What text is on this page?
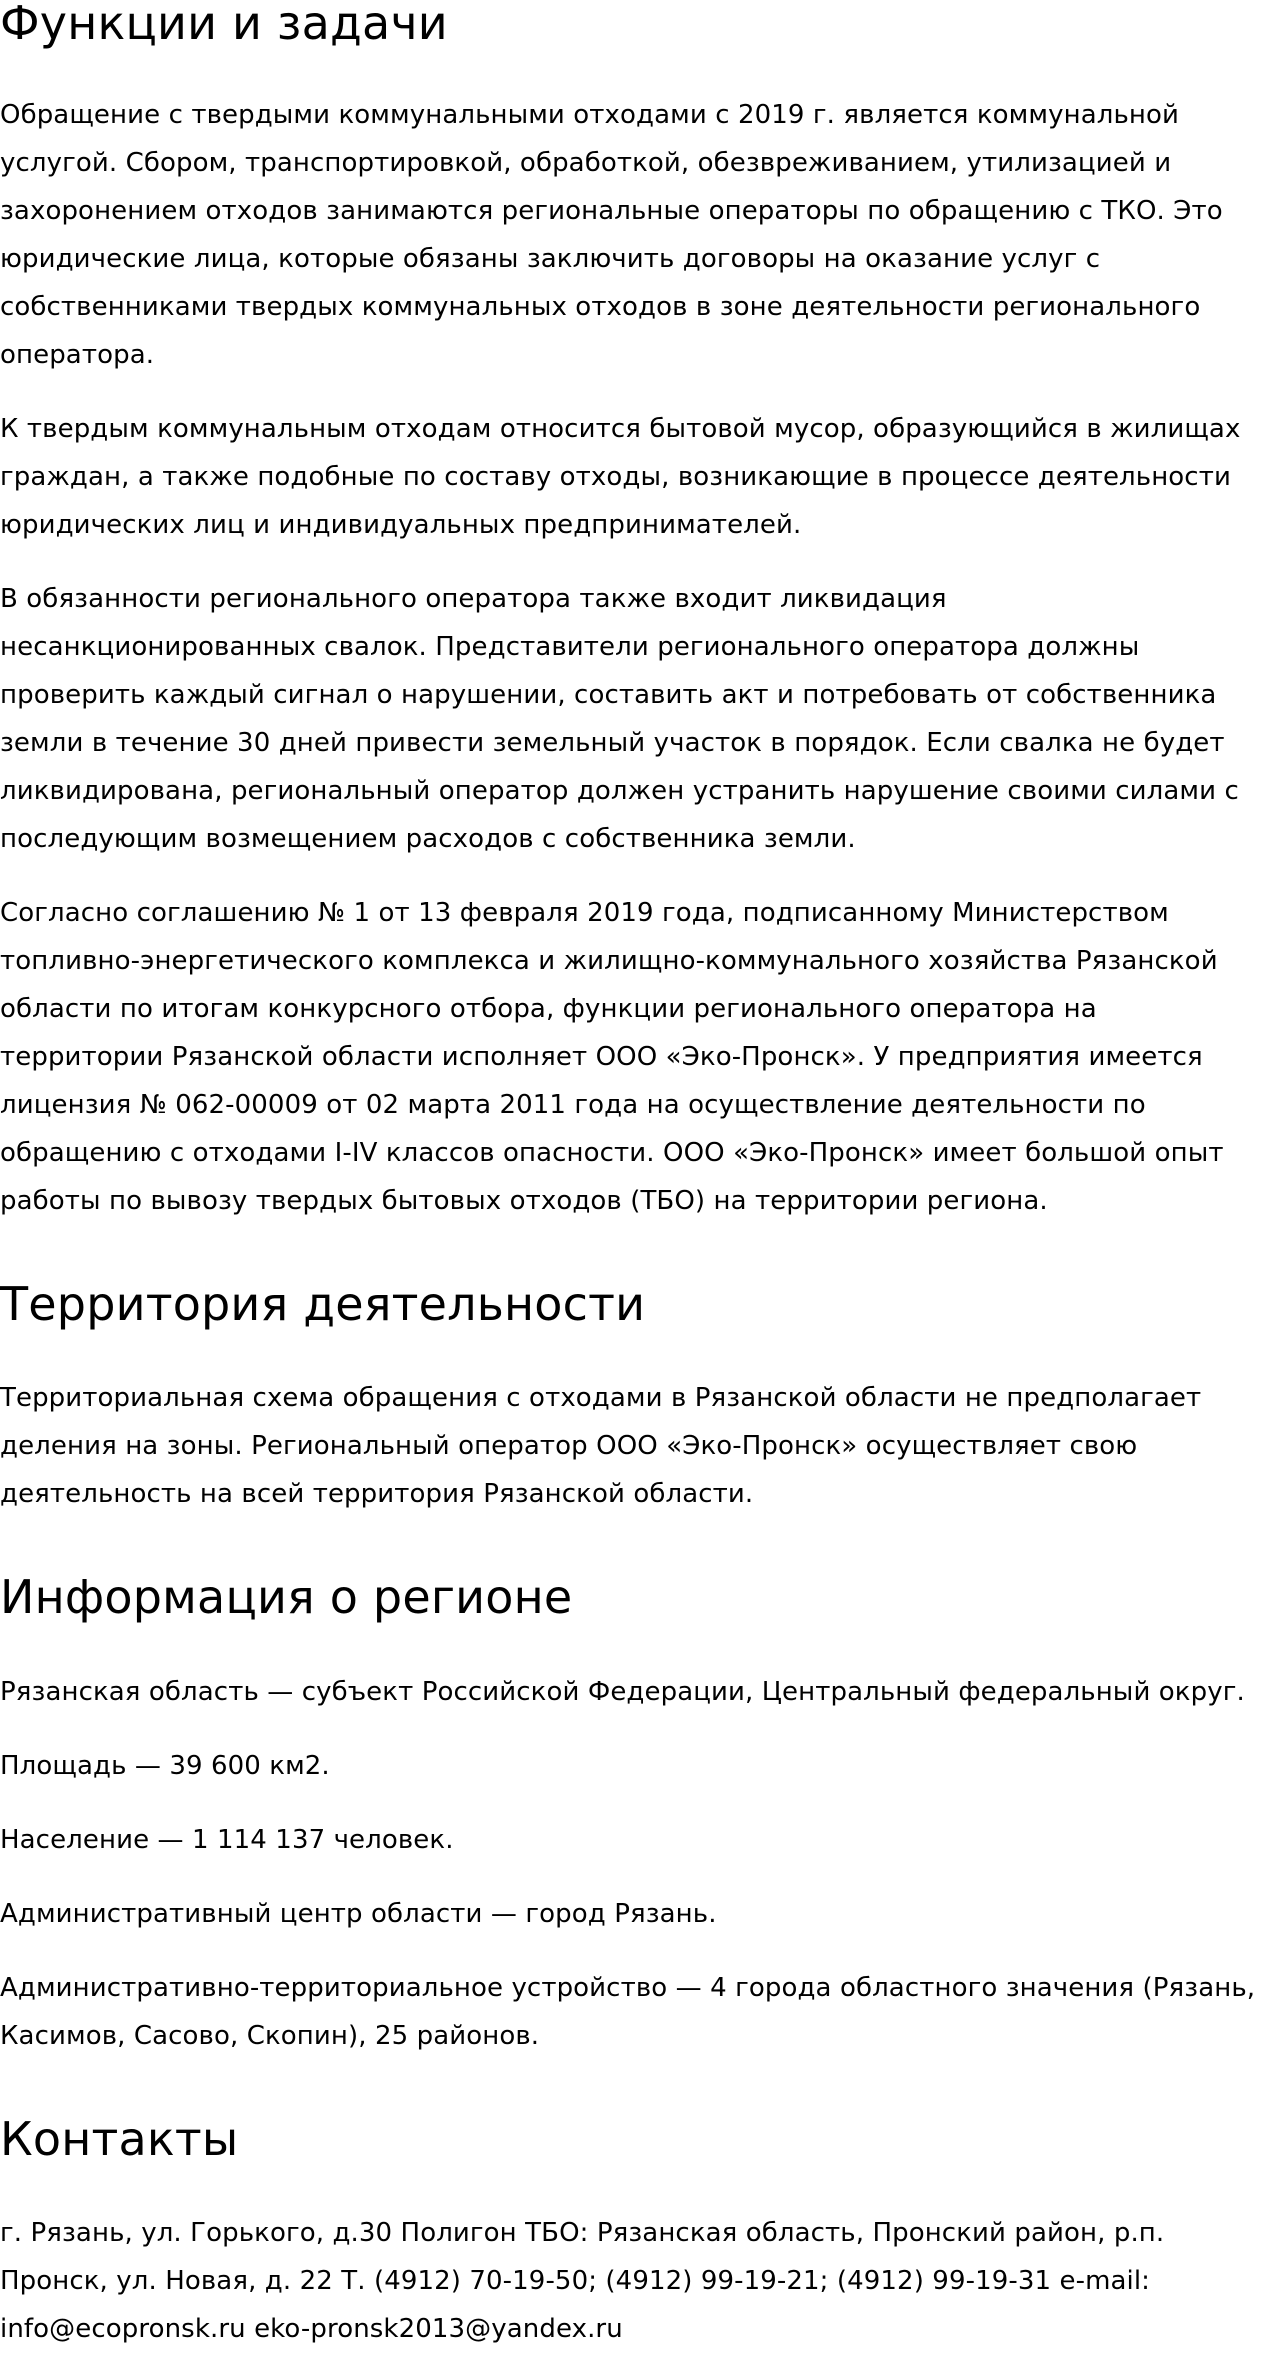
Функции и задачи

Обращение с твердыми коммунальными отходами с 2019 г. является коммунальной услугой. Сбором, транспортировкой, обработкой, обезвреживанием, утилизацией и захоронением отходов занимаются региональные операторы по обращению с ТКО. Это юридические лица, которые обязаны заключить договоры на оказание услуг с собственниками твердых коммунальных отходов в зоне деятельности регионального оператора.

К твердым коммунальным отходам относится бытовой мусор, образующийся в жилищах граждан, а также подобные по составу отходы, возникающие в процессе деятельности юридических лиц и индивидуальных предпринимателей.

В обязанности регионального оператора также входит ликвидация несанкционированных свалок. Представители регионального оператора должны проверить каждый сигнал о нарушении, составить акт и потребовать от собственника земли в течение 30 дней привести земельный участок в порядок. Если свалка не будет ликвидирована, региональный оператор должен устранить нарушение своими силами с последующим возмещением расходов с собственника земли.

Согласно соглашению № 1 от 13 февраля 2019 года, подписанному Министерством топливно-энергетического комплекса и жилищно-коммунального хозяйства Рязанской области по итогам конкурсного отбора, функции регионального оператора на территории Рязанской области исполняет ООО «Эко-Пронск». У предприятия имеется лицензия № 062-00009 от 02 марта 2011 года на осуществление деятельности по обращению с отходами I-IV классов опасности. ООО «Эко-Пронск» имеет большой опыт работы по вывозу твердых бытовых отходов (ТБО) на территории региона.

Территория деятельности

Территориальная схема обращения с отходами в Рязанской области не предполагает деления на зоны. Региональный оператор ООО «Эко-Пронск» осуществляет свою деятельность на всей территория Рязанской области.

Информация о регионе

Рязанская область — субъект Российской Федерации, Центральный федеральный округ.

Площадь — 39 600 км2.

Население — 1 114 137 человек.

Административный центр области — город Рязань.

Административно-территориальное устройство — 4 города областного значения (Рязань, Касимов, Сасово, Скопин), 25 районов.

Контакты

г. Рязань, ул. Горького, д.30 Полигон ТБО: Рязанская область, Пронский район, р.п. Пронск, ул. Новая, д. 22 Т. (4912) 70-19-50; (4912) 99-19-21; (4912) 99-19-31 e-mail: info@ecopronsk.ru eko-pronsk2013@yandex.ru
